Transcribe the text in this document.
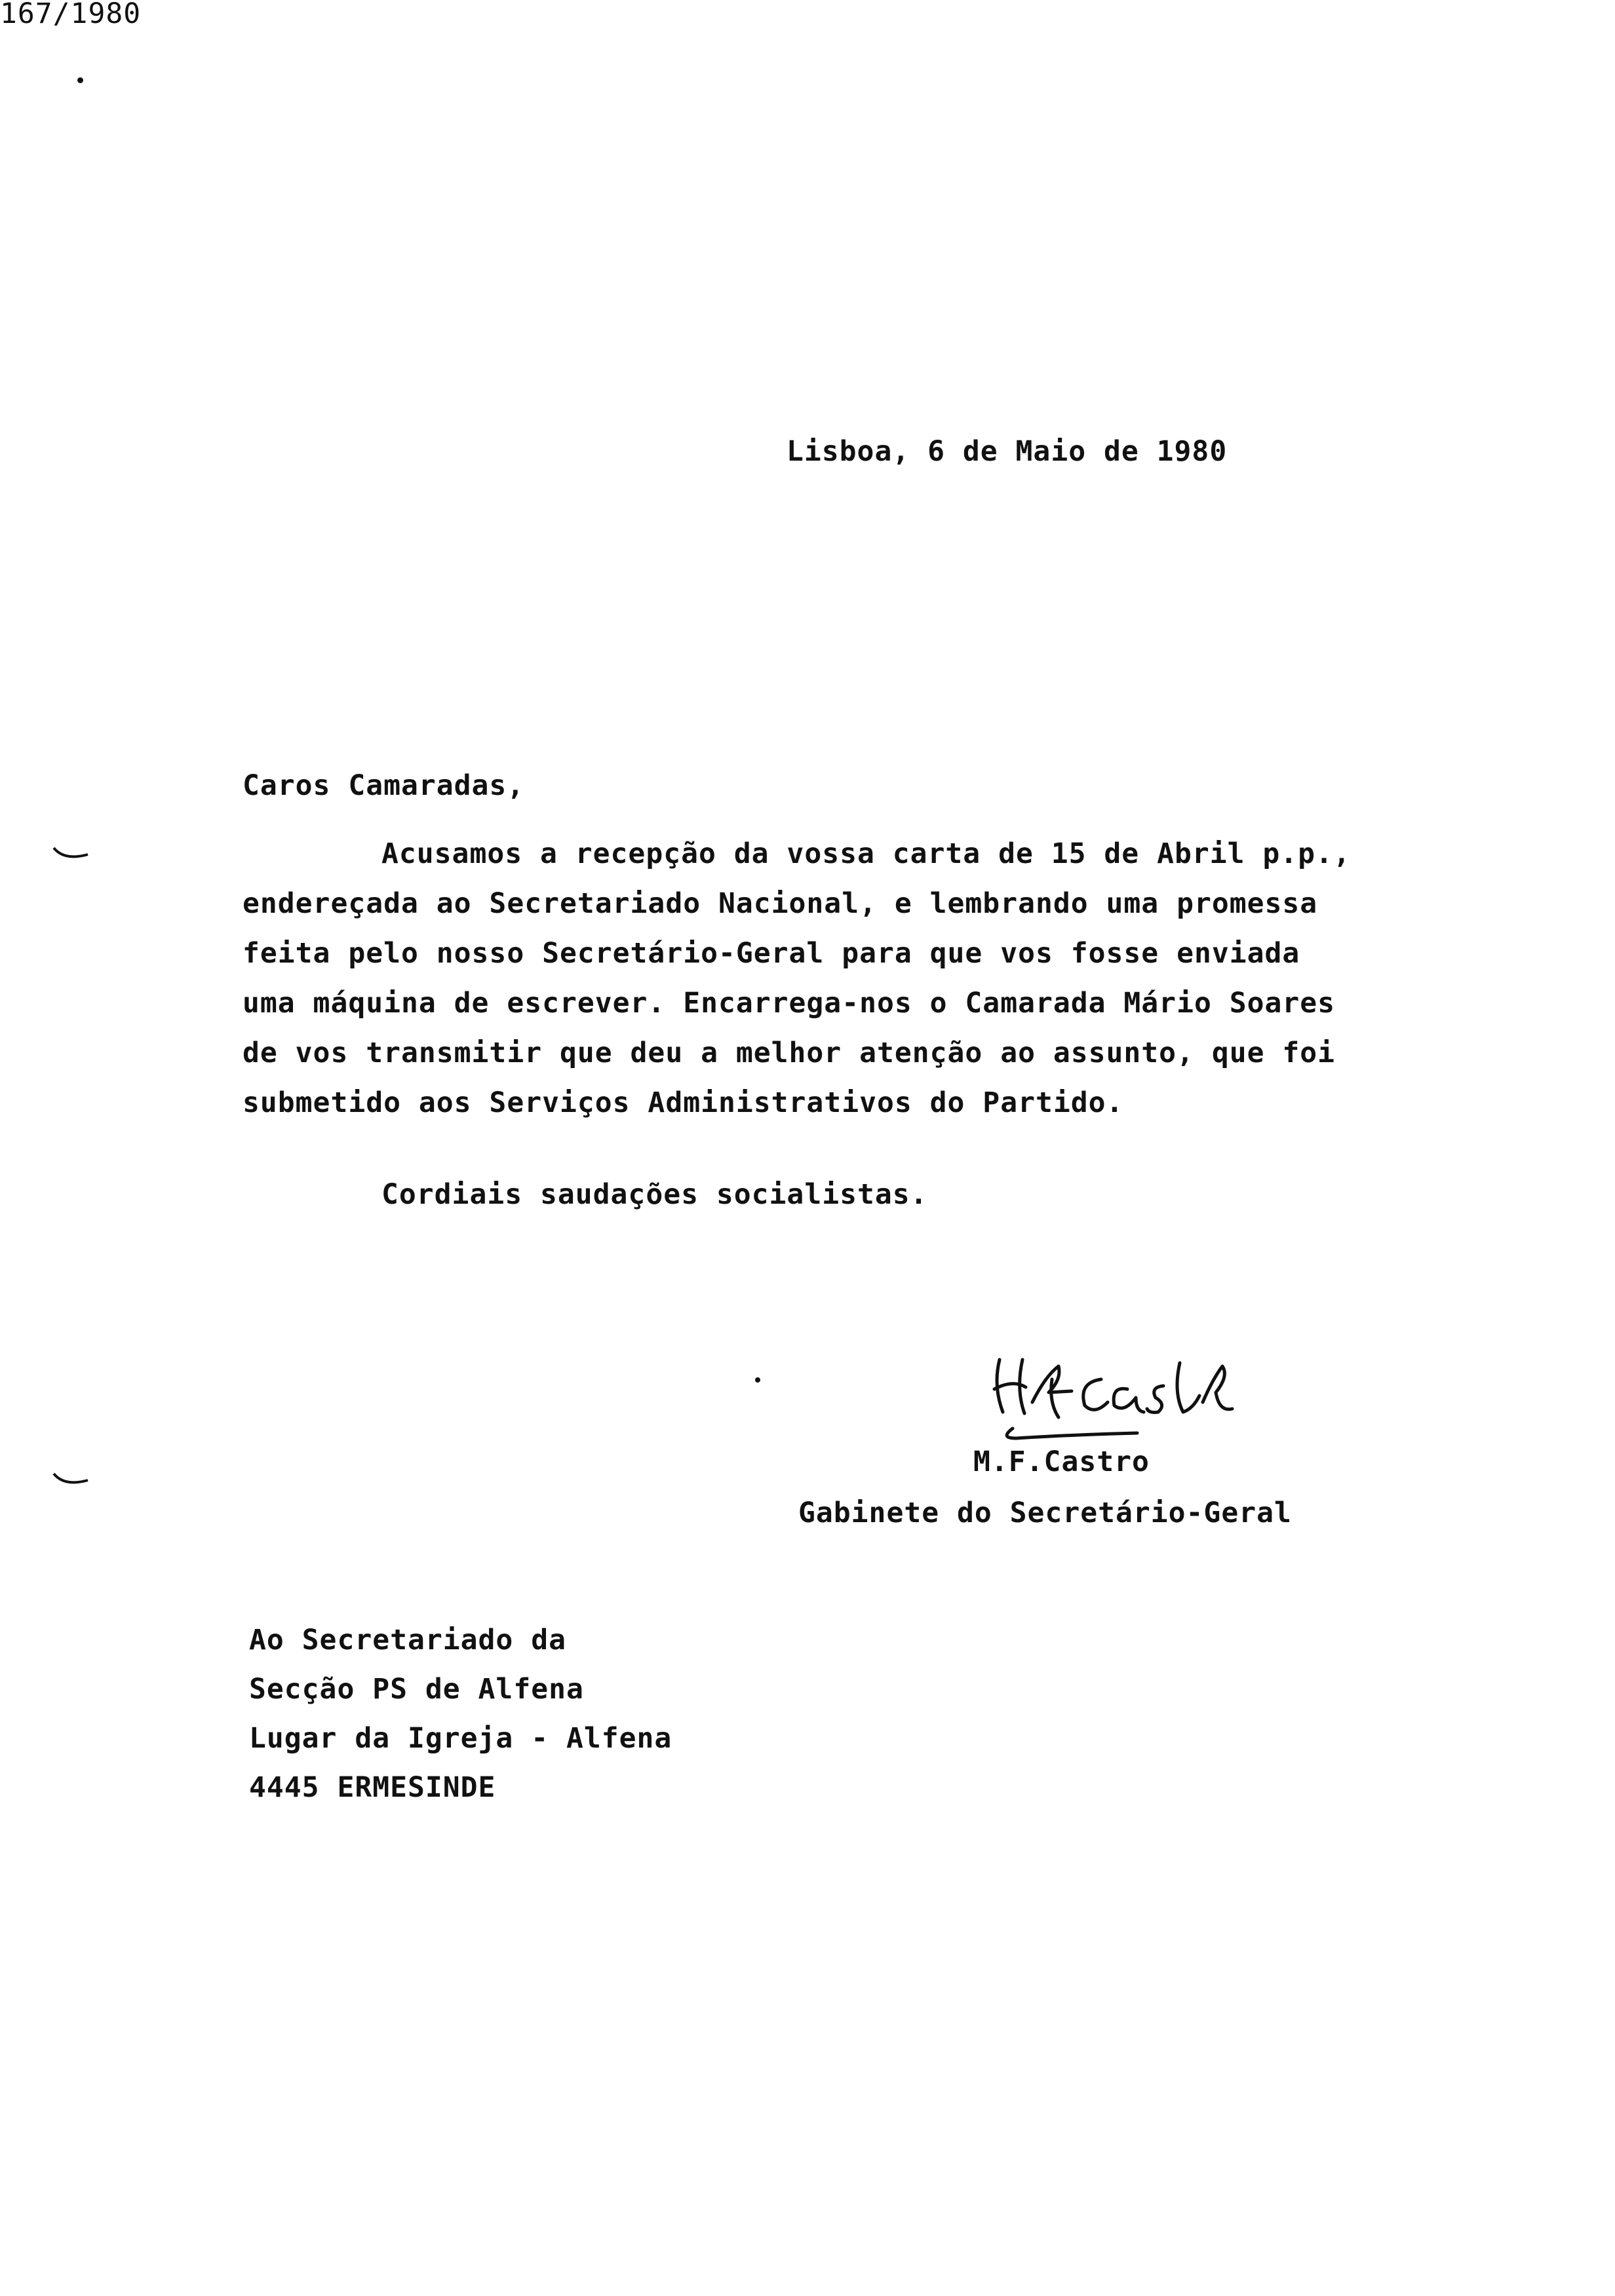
167/1980
Lisboa, 6 de Maio de 1980
Caros Camaradas,
Acusamos a recepção da vossa carta de 15 de Abril p.p.,
endereçada ao Secretariado Nacional, e lembrando uma promessa
feita pelo nosso Secretário-Geral para que vos fosse enviada
uma máquina de escrever. Encarrega-nos o Camarada Mário Soares
de vos transmitir que deu a melhor atenção ao assunto, que foi
submetido aos Serviços Administrativos do Partido.
Cordiais saudações socialistas.
M.F.Castro
Gabinete do Secretário-Geral
Ao Secretariado da
Secção PS de Alfena
Lugar da Igreja - Alfena
4445 ERMESINDE
